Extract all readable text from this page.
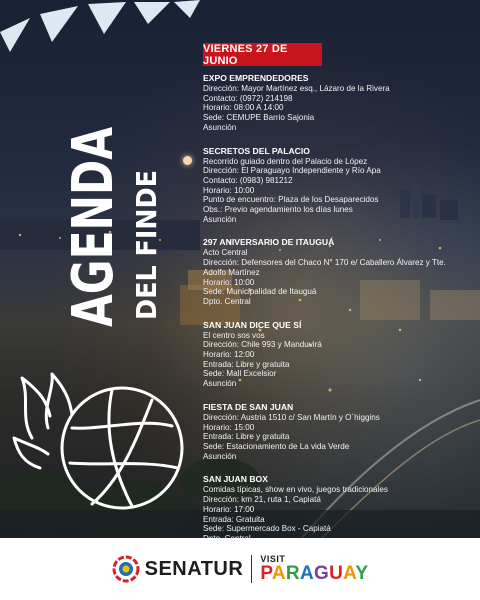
AGENDA DEL FINDE
VIERNES 27 DE JUNIO
EXPO EMPRENDEDORES
Dirección: Mayor Martínez esq., Lázaro de la Rivera
Contacto: (0972) 214198
Horario: 08:00 A 14:00
Sede: CEMUPE Barrio Sajonia
Asunción
SECRETOS DEL PALACIO
Recorrido guiado dentro del Palacio de López
Dirección: El Paraguayo Independiente y Río Apa
Contacto: (0983) 981212
Horario: 10:00
Punto de encuentro: Plaza de los Desaparecidos
Obs.: Previo agendamiento los días lunes
Asunción
297 ANIVERSARIO DE ITAUGUÁ
Acto Central
Dirección: Defensores del Chaco N° 170 e/ Caballero Álvarez y Tte.
Adolfo Martínez
Horario: 10:00
Sede: Municipalidad de Itauguá
Dpto. Central
SAN JUAN DICE QUE SÍ
El centro sos vos
Dirección: Chile 993 y Manduvirá
Horario: 12:00
Entrada: Libre y gratuita
Sede: Mall Excelsior
Asunción
FIESTA DE SAN JUAN
Dirección: Austria 1510 c/ San Martín y O´higgins
Horario: 15:00
Entrada: Libre y gratuita
Sede: Estacionamiento de La vida Verde
Asunción
SAN JUAN BOX
Comidas típicas, show en vivo, juegos tradicionales
Dirección: km 21, ruta 1, Capiatá
Horario: 17:00
Entrada: Gratuita
Sede: Supermercado Box - Capiatá
SENATUR VISIT
PARAGUAY
